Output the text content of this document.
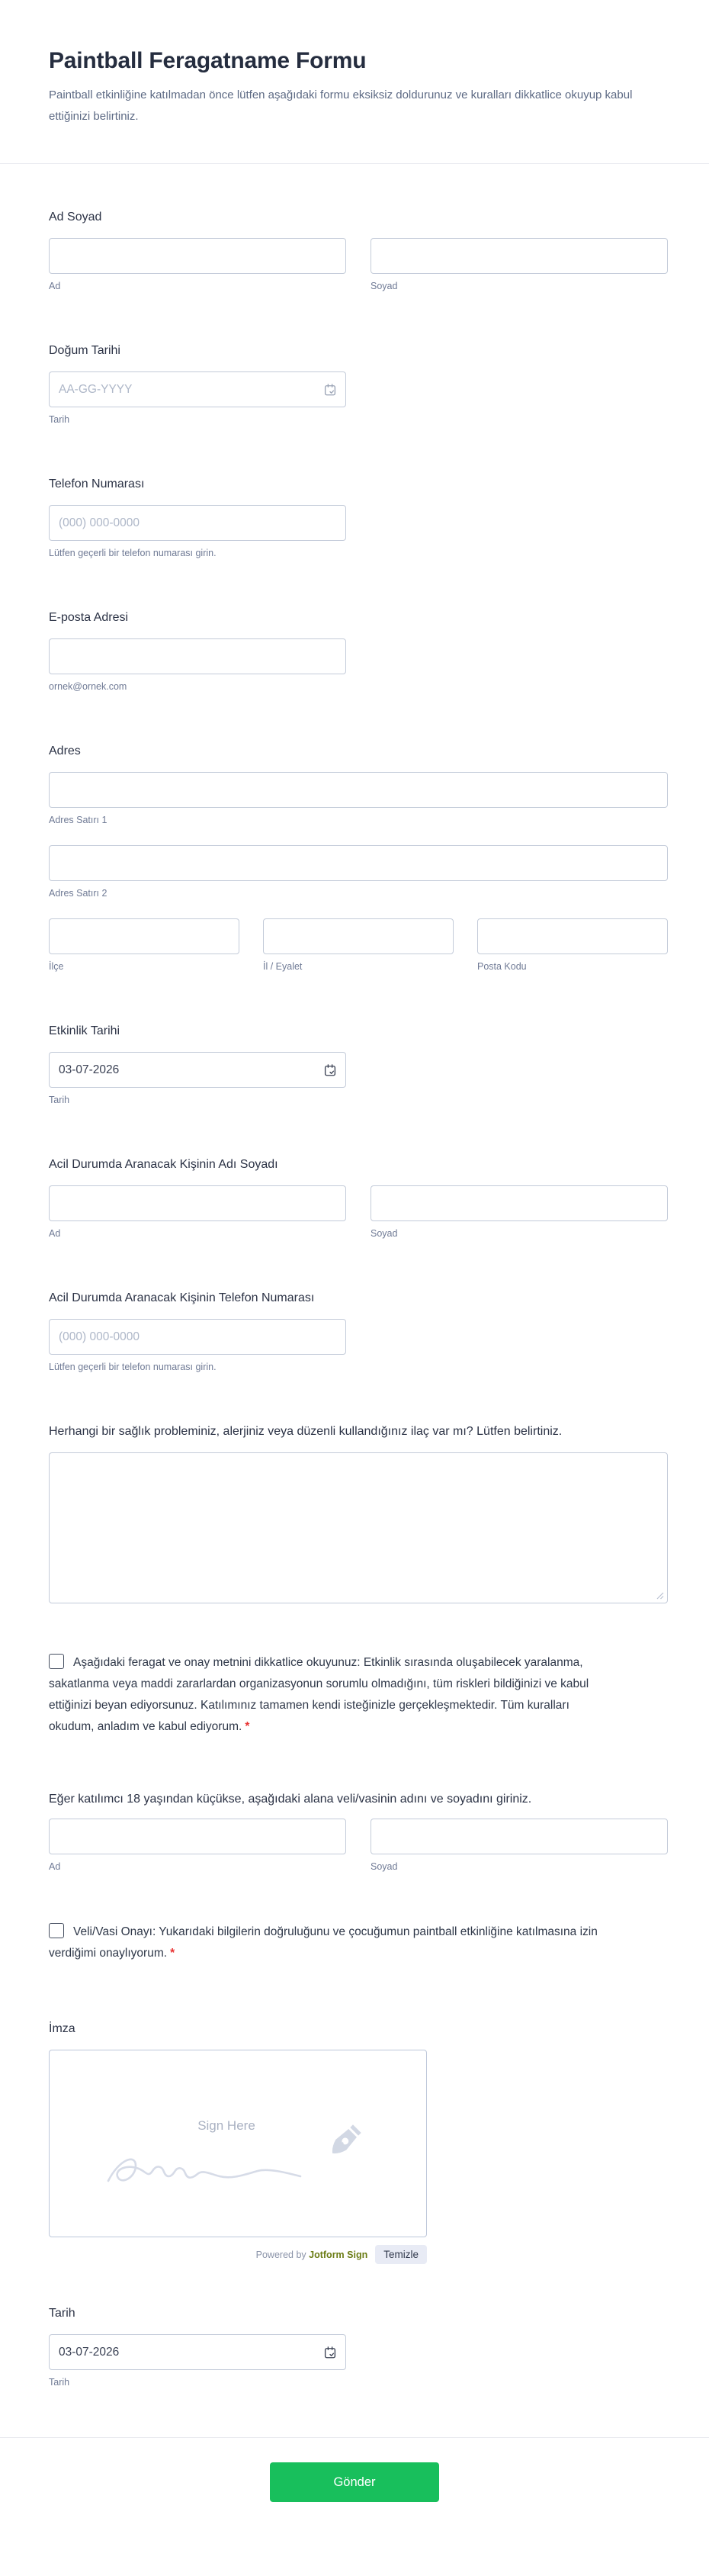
Paintball Feragatname Formu

Paintball etkinliğine katılmadan önce lütfen aşağıdaki formu eksiksiz doldurunuz ve kuralları dikkatlice okuyup kabul ettiğinizi belirtiniz.

Ad Soyad
Ad	Soyad
Doğum Tarihi
AA-GG-YYYY
Tarih
Telefon Numarası
(000) 000-0000
Lütfen geçerli bir telefon numarası girin.
E-posta Adresi
ornek@ornek.com
Adres
Adres Satırı 1
Adres Satırı 2
İlçe	İl / Eyalet	Posta Kodu
Etkinlik Tarihi
03-07-2026
Tarih
Acil Durumda Aranacak Kişinin Adı Soyadı
Ad	Soyad
Acil Durumda Aranacak Kişinin Telefon Numarası
(000) 000-0000
Lütfen geçerli bir telefon numarası girin.
Herhangi bir sağlık probleminiz, alerjiniz veya düzenli kullandığınız ilaç var mı? Lütfen belirtiniz.
Aşağıdaki feragat ve onay metnini dikkatlice okuyunuz: Etkinlik sırasında oluşabilecek yaralanma, sakatlanma veya maddi zararlardan organizasyonun sorumlu olmadığını, tüm riskleri bildiğinizi ve kabul ettiğinizi beyan ediyorsunuz. Katılımınız tamamen kendi isteğinizle gerçekleşmektedir. Tüm kuralları okudum, anladım ve kabul ediyorum. *
Eğer katılımcı 18 yaşından küçükse, aşağıdaki alana veli/vasinin adını ve soyadını giriniz.
Ad	Soyad
Veli/Vasi Onayı: Yukarıdaki bilgilerin doğruluğunu ve çocuğumun paintball etkinliğine katılmasına izin verdiğimi onaylıyorum. *
İmza
Sign Here
Powered by Jotform Sign	Temizle
Tarih
03-07-2026
Tarih
Gönder
